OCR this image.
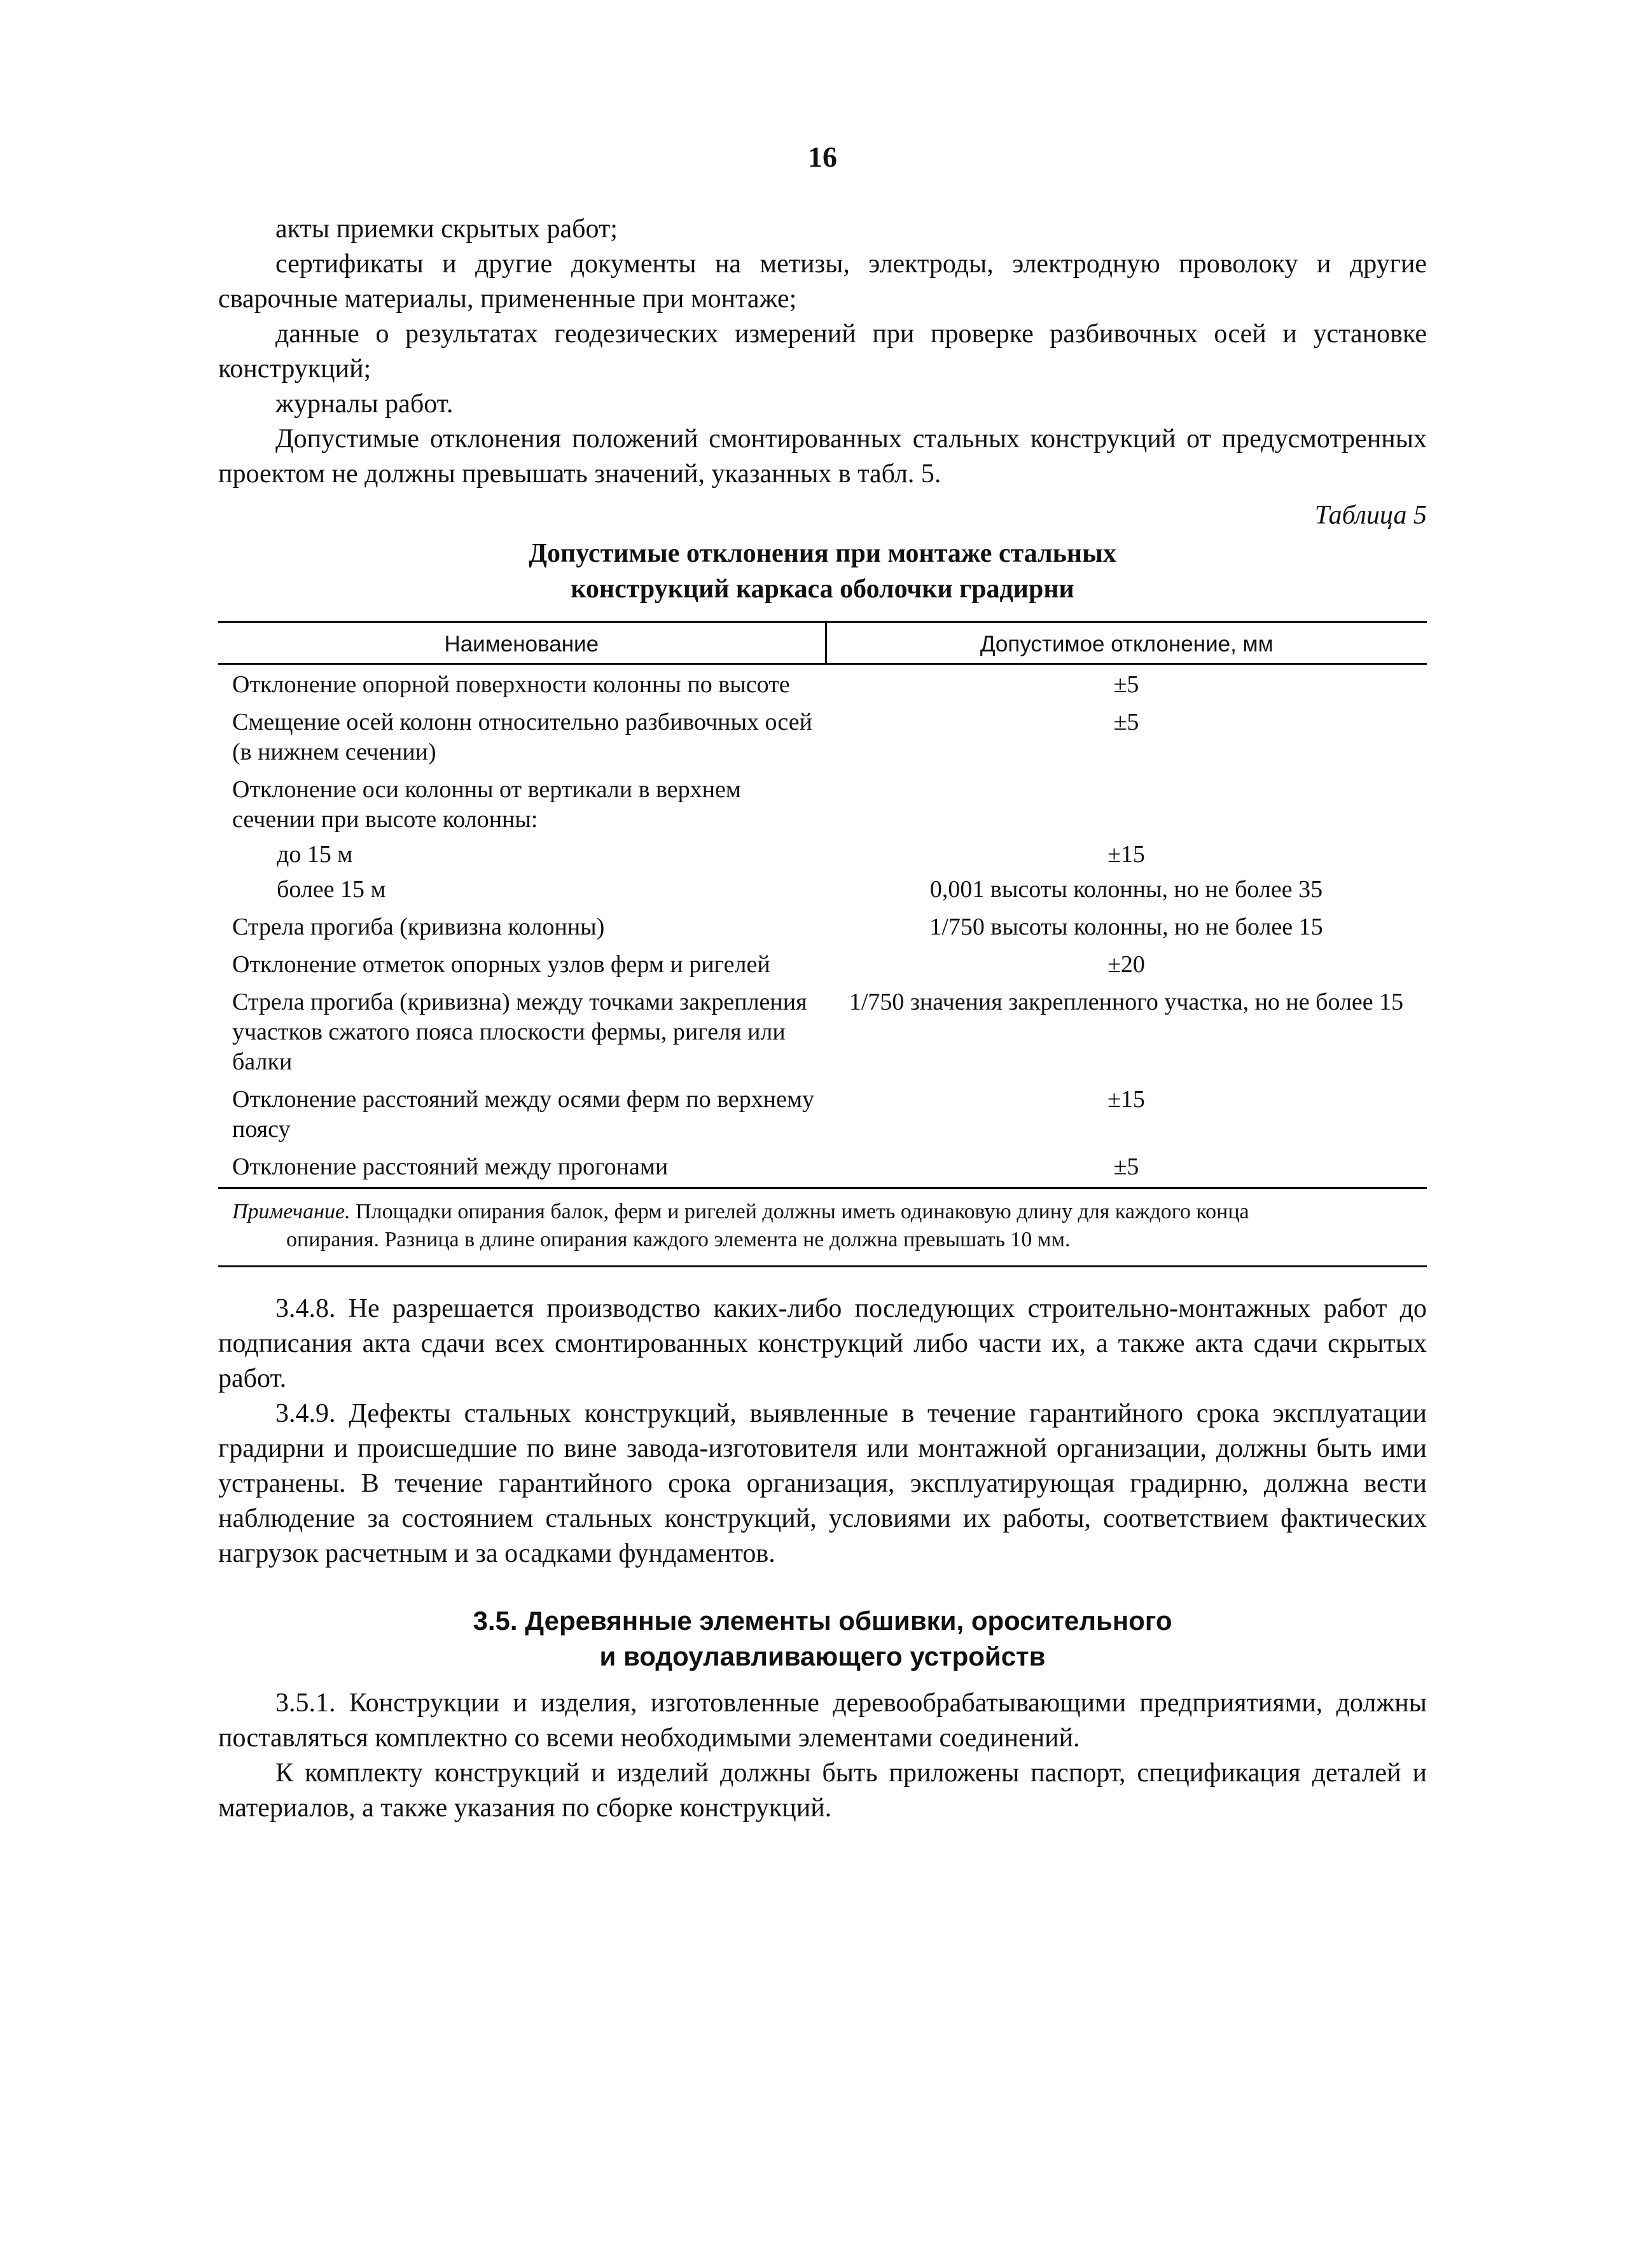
16

акты приемки скрытых работ;

сертификаты и другие документы на метизы, электроды, электродную проволоку и другие сварочные материалы, примененные при монтаже;

данные о результатах геодезических измерений при проверке разбивочных осей и установке конструкций;

журналы работ.

Допустимые отклонения положений смонтированных стальных конструкций от предусмотренных проектом не должны превышать значений, указанных в табл. 5.

Таблица 5
Допустимые отклонения при монтаже стальных
конструкций каркаса оболочки градирни
Наименование	Допустимое отклонение, мм
Отклонение опорной поверхности колонны по высоте	±5
Смещение осей колонн относительно разбивочных осей (в нижнем сечении)	±5
Отклонение оси колонны от вертикали в верхнем сечении при высоте колонны:	
до 15 м	±15
более 15 м	0,001 высоты колонны, но не более 35
Стрела прогиба (кривизна колонны)	1/750 высоты колонны, но не более 15
Отклонение отметок опорных узлов ферм и ригелей	±20
Стрела прогиба (кривизна) между точками закрепления участков сжатого пояса плоскости фермы, ригеля или балки	1/750 значения закрепленного участка, но не более 15
Отклонение расстояний между осями ферм по верхнему поясу	±15
Отклонение расстояний между прогонами	±5
Примечание. Площадки опирания балок, ферм и ригелей должны иметь одинаковую длину для каждого конца
опирания. Разница в длине опирания каждого элемента не должна превышать 10 мм.

3.4.8. Не разрешается производство каких-либо последующих строительно-монтажных работ до подписания акта сдачи всех смонтированных конструкций либо части их, а также акта сдачи скрытых работ.

3.4.9. Дефекты стальных конструкций, выявленные в течение гарантийного срока эксплуатации градирни и происшедшие по вине завода-изготовителя или монтажной организации, должны быть ими устранены. В течение гарантийного срока организация, эксплуатирующая градирню, должна вести наблюдение за состоянием стальных конструкций, условиями их работы, соответствием фактических нагрузок расчетным и за осадками фундаментов.

3.5. Деревянные элементы обшивки, оросительного
и водоулавливающего устройств

3.5.1. Конструкции и изделия, изготовленные деревообрабатывающими предприятиями, должны поставляться комплектно со всеми необходимыми элементами соединений.

К комплекту конструкций и изделий должны быть приложены паспорт, спецификация деталей и материалов, а также указания по сборке конструкций.
